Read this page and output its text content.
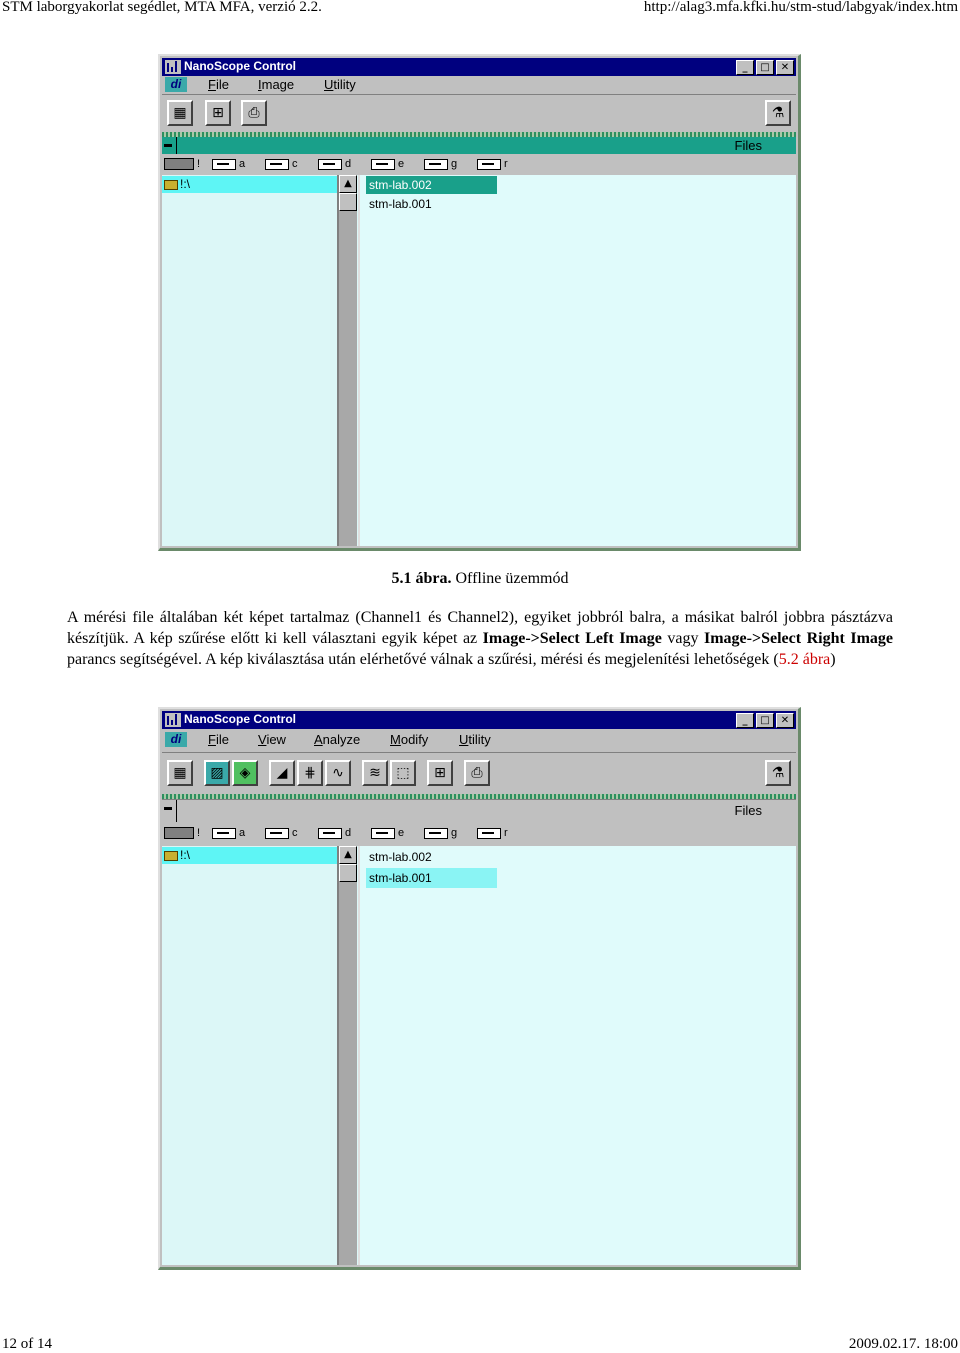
STM laborgyakorlat segédlet, MTA MFA, verzió 2.2.	http://alag3.mfa.kfki.hu/stm-stud/labgyak/index.htm
NanoScope Control	_	□	✕
di	File Image Utility
▦	⊞	⎙	⚗
Files
!	a	c	d	e	g	r
!:\	▲	stm-lab.002
stm-lab.001
5.1 ábra. Offline üzemmód
A mérési file általában két képet tartalmaz (Channel1 és Channel2), egyiket jobbról balra, a másikat balról jobbra pásztázva készítjük. A kép szűrése előtt ki kell választani egyik képet az Image->Select Left Image vagy Image->Select Right Image parancs segítségével. A kép kiválasztása után elérhetővé válnak a szűrési, mérési és megjelenítési lehetőségek (5.2 ábra)
NanoScope Control	_	□	✕
di	File View Analyze Modify Utility
▦	▨	◈	◢	⋕	∿	≋	⬚	⊞	⎙	⚗
Files
!	a	c	d	e	g	r
!:\	▲	stm-lab.002
stm-lab.001
12 of 14	2009.02.17. 18:00
